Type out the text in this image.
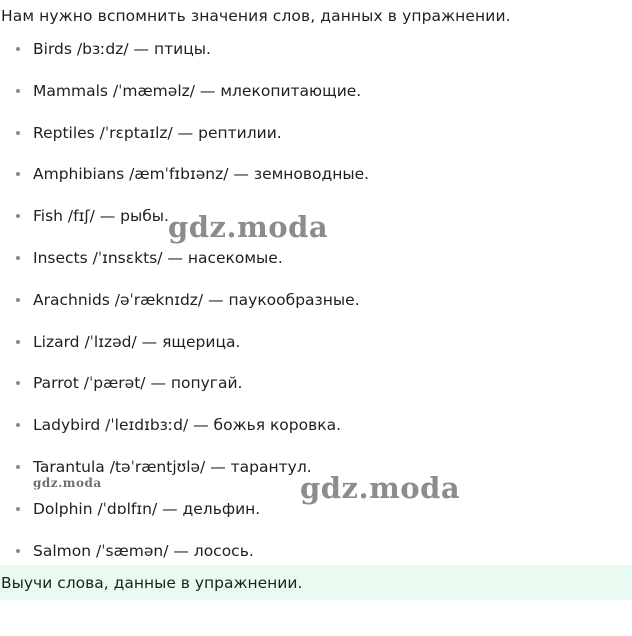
Нам нужно вспомнить значения слов, данных в упражнении.
Birds /bɜːdz/ — птицы.
Mammals /ˈmæməlz/ — млекопитающие.
Reptiles /ˈrɛptaɪlz/ — рептилии.
Amphibians /æmˈfɪbɪənz/ — земноводные.
Fish /fɪʃ/ — рыбы.
Insects /ˈɪnsɛkts/ — насекомые.
Arachnids /əˈræknɪdz/ — паукообразные.
Lizard /ˈlɪzəd/ — ящерица.
Parrot /ˈpærət/ — попугай.
Ladybird /ˈleɪdɪbɜːd/ — божья коровка.
Tarantula /təˈræntjʊlə/ — тарантул.
Dolphin /ˈdɒlfɪn/ — дельфин.
Salmon /ˈsæmən/ — лосось.
Выучи слова, данные в упражнении.
gdz.moda
gdz.moda
gdz.moda
